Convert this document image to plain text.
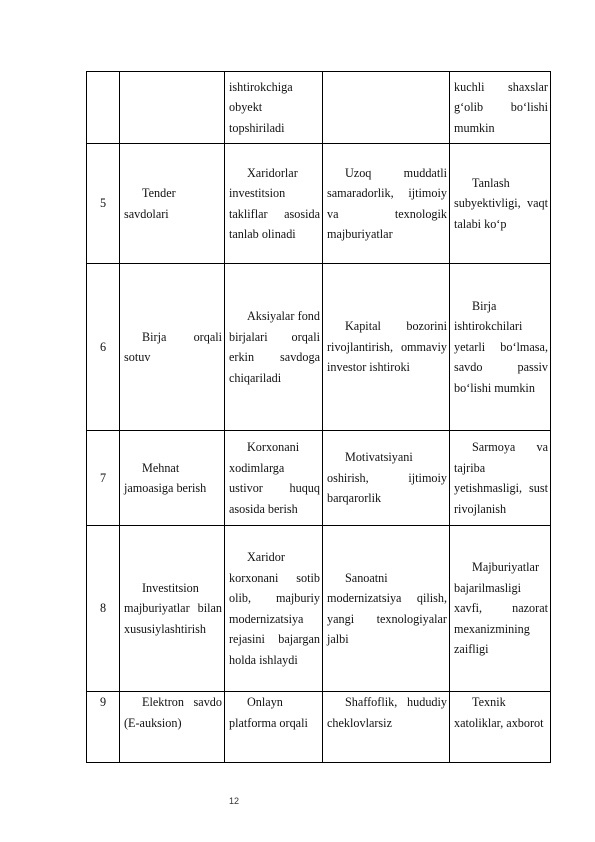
		ishtirokchiga obyekt topshiriladi		kuchli shaxslar g‘olib bo‘lishi mumkin
5	Tender savdolari	Xaridorlar investitsion takliflar asosida tanlab olinadi	Uzoq muddatli samaradorlik, ijtimoiy va texnologik majburiyatlar	Tanlash subyektivligi, vaqt talabi ko‘p
6	Birja orqali sotuv	Aksiyalar fond birjalari orqali erkin savdoga chiqariladi	Kapital bozorini rivojlantirish, ommaviy investor ishtiroki	Birja ishtirokchilari yetarli bo‘lmasa, savdo passiv bo‘lishi mumkin
7	Mehnat jamoasiga berish	Korxonani xodimlarga ustivor huquq asosida berish	Motivatsiyani oshirish, ijtimoiy barqarorlik	Sarmoya va tajriba yetishmasligi, sust rivojlanish
8	Investitsion majburiyatlar bilan xususiylashtirish	Xaridor korxonani sotib olib, majburiy modernizatsiya rejasini bajargan holda ishlaydi	Sanoatni modernizatsiya qilish, yangi texnologiyalar jalbi	Majburiyatlar bajarilmasligi xavfi, nazorat mexanizmining zaifligi
9	Elektron savdo (E-auksion)	Onlayn platforma orqali	Shaffoflik, hududiy cheklovlarsiz	Texnik xatoliklar, axborot
12
